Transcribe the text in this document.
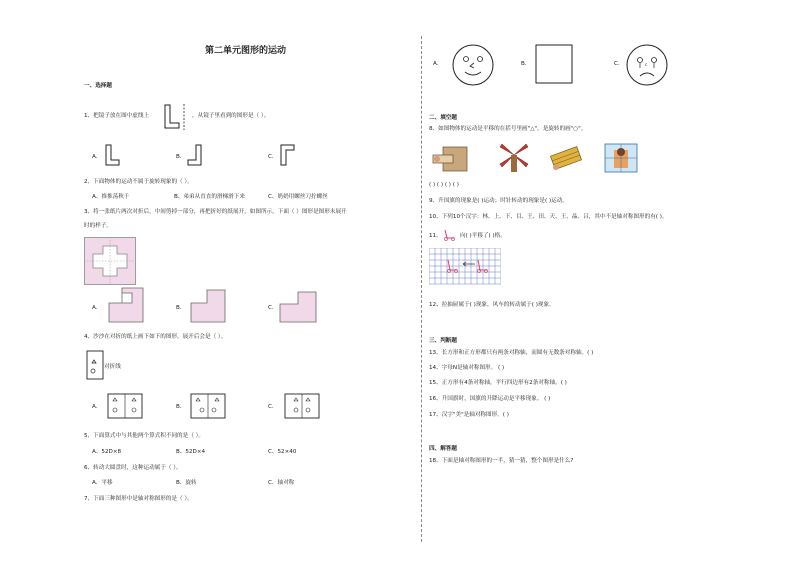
第二单元图形的运动
一、选择题
1、把镜子放在图中虚线上	，从镜子里看到的图形是（ ）。
A．	B．	C．
2、下面物体的运动不属于旋转现象的（ ）。
A、推推荡秋千	B、弟弟从直直的滑梯滑下来	C、奶奶用螺丝刀拧螺丝
3、将一张纸片两次对折后，中间剪掉一部分，再把折好的纸展开，如图所示，下面（ ）图形是图形未展开
时的样子。
A．	B．	C．
4、沙沙在对折的纸上画下如下的图形，展开后会是（ ）。
对折线
A．	B．	C．
5、下面算式中与其他两个算式积不同的是（ ）。
A、52D×8	B、52D×4	C、52×40
6、转动大圆盘时，这种运动属于（ ）。
A．平移	B．旋转	C．轴对称
7、下面三种图形中是轴对称图形的是（ ）。
A．	B．	C．	c
二、填空题
8、如图物体的运动是平移的在括号里画"△"，是旋转的画"○"。
( ) ( ) ( ) ( )
9、升国旗的现象是( )运动；时针转动的现象是( )运动。
10、下列10个汉字：林、上、下、目、王、田、天、王、晶、吕，其中不是轴对称图形的有( )。
11、	向( )平移了( )格。
12、拉抽屉属于( )现象，风车的转动属于( )现象。
三、判断题
13、长方形和正方形都只有两条对称轴，而圆有无数条对称轴。( )
14、字母N是轴对称图形。 ( )
15、正方形有4条对称轴，平行四边形有2条对称轴。( )
16、升国旗时，国旗的升降运动是平移现象。 ( )
17、汉字"美"是轴对称图形。( )
四、解答题
18、下面是轴对称图形的一半，猜一猜，整个图形是什么?
